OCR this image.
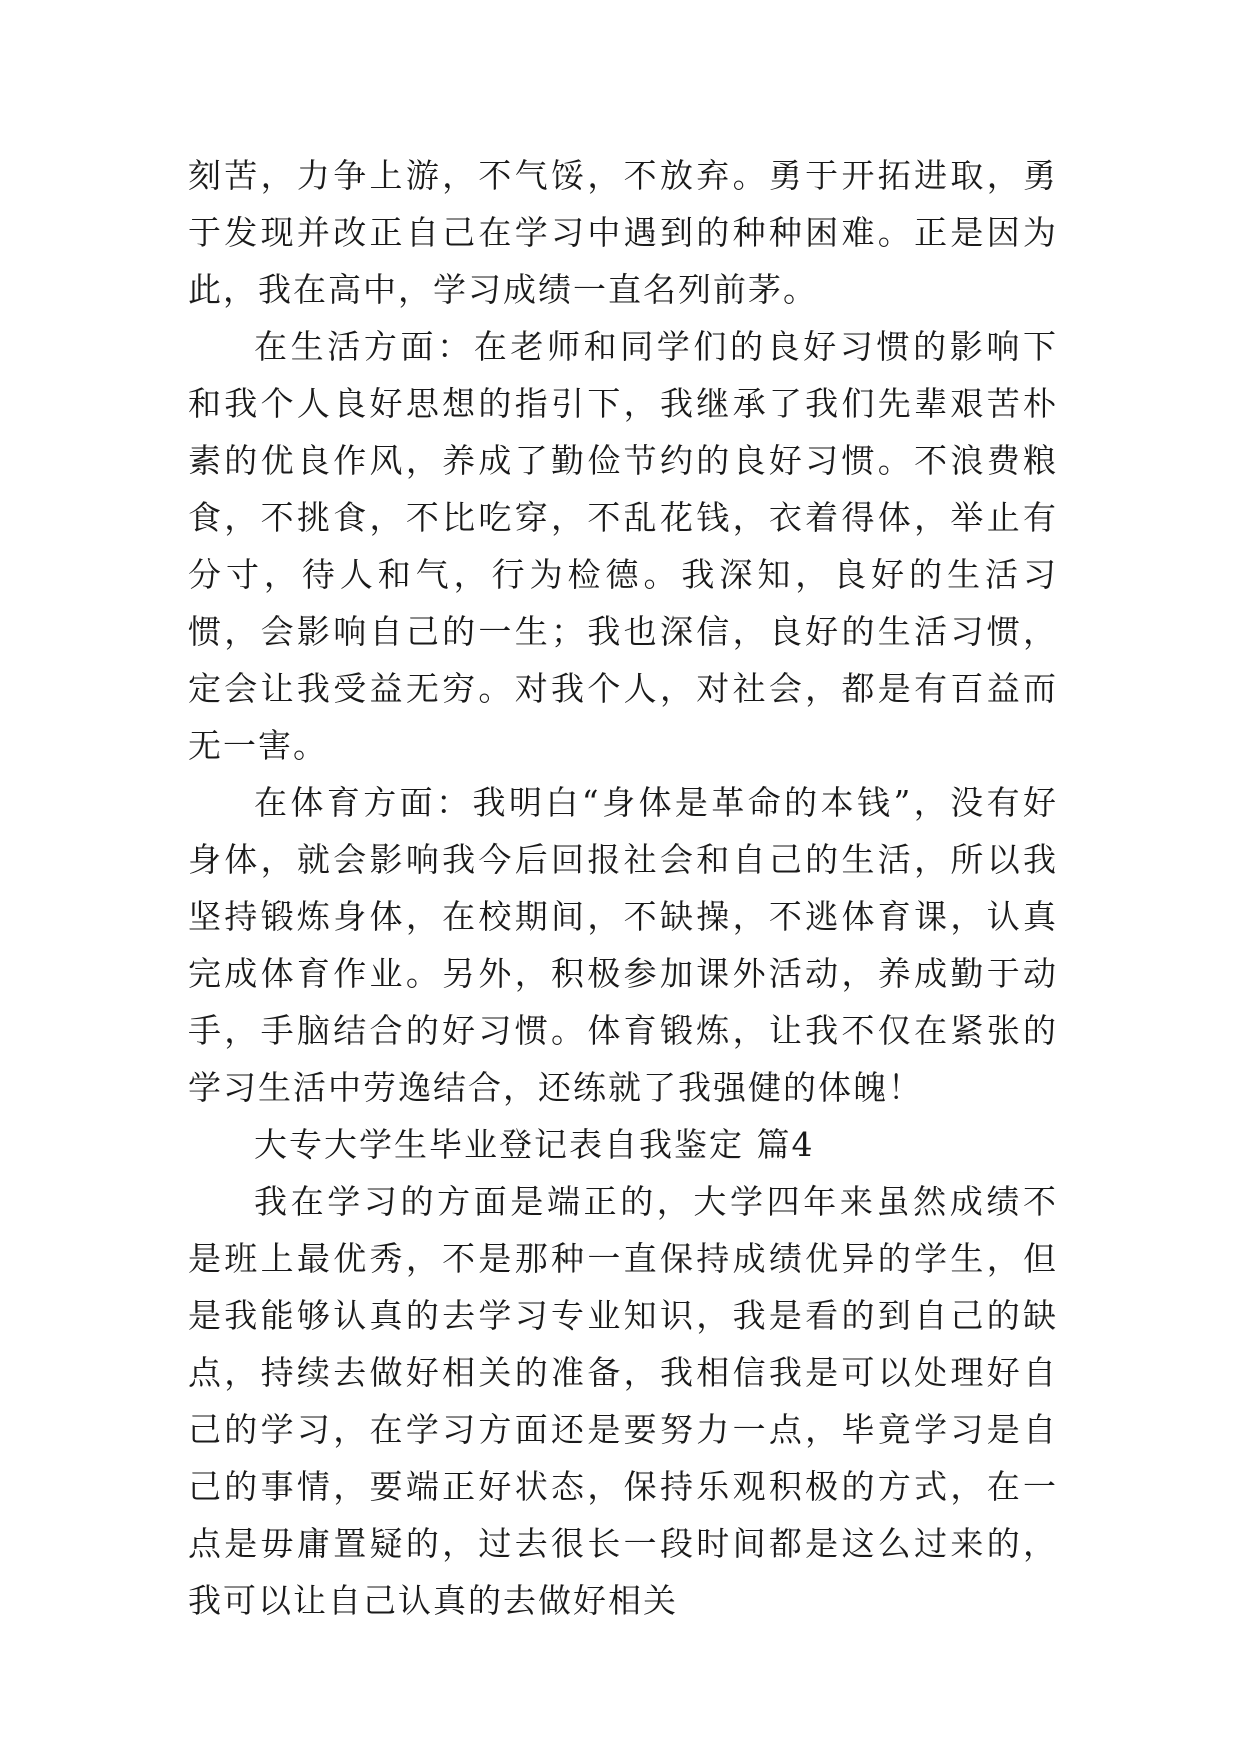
刻苦，力争上游，不气馁，不放弃。勇于开拓进取，勇于发现并改正自己在学习中遇到的种种困难。正是因为此，我在高中，学习成绩一直名列前茅。

在生活方面：在老师和同学们的良好习惯的影响下和我个人良好思想的指引下，我继承了我们先辈艰苦朴素的优良作风，养成了勤俭节约的良好习惯。不浪费粮食，不挑食，不比吃穿，不乱花钱，衣着得体，举止有分寸，待人和气，行为检德。我深知，良好的生活习惯，会影响自己的一生；我也深信，良好的生活习惯，定会让我受益无穷。对我个人，对社会，都是有百益而无一害。

在体育方面：我明白“身体是革命的本钱”，没有好身体，就会影响我今后回报社会和自己的生活，所以我坚持锻炼身体，在校期间，不缺操，不逃体育课，认真完成体育作业。另外，积极参加课外活动，养成勤于动手，手脑结合的好习惯。体育锻炼，让我不仅在紧张的学习生活中劳逸结合，还练就了我强健的体魄！

大专大学生毕业登记表自我鉴定 篇4

我在学习的方面是端正的，大学四年来虽然成绩不是班上最优秀，不是那种一直保持成绩优异的学生，但是我能够认真的去学习专业知识，我是看的到自己的缺点，持续去做好相关的准备，我相信我是可以处理好自己的学习，在学习方面还是要努力一点，毕竟学习是自己的事情，要端正好状态，保持乐观积极的方式，在一点是毋庸置疑的，过去很长一段时间都是这么过来的，我可以让自己认真的去做好相关
